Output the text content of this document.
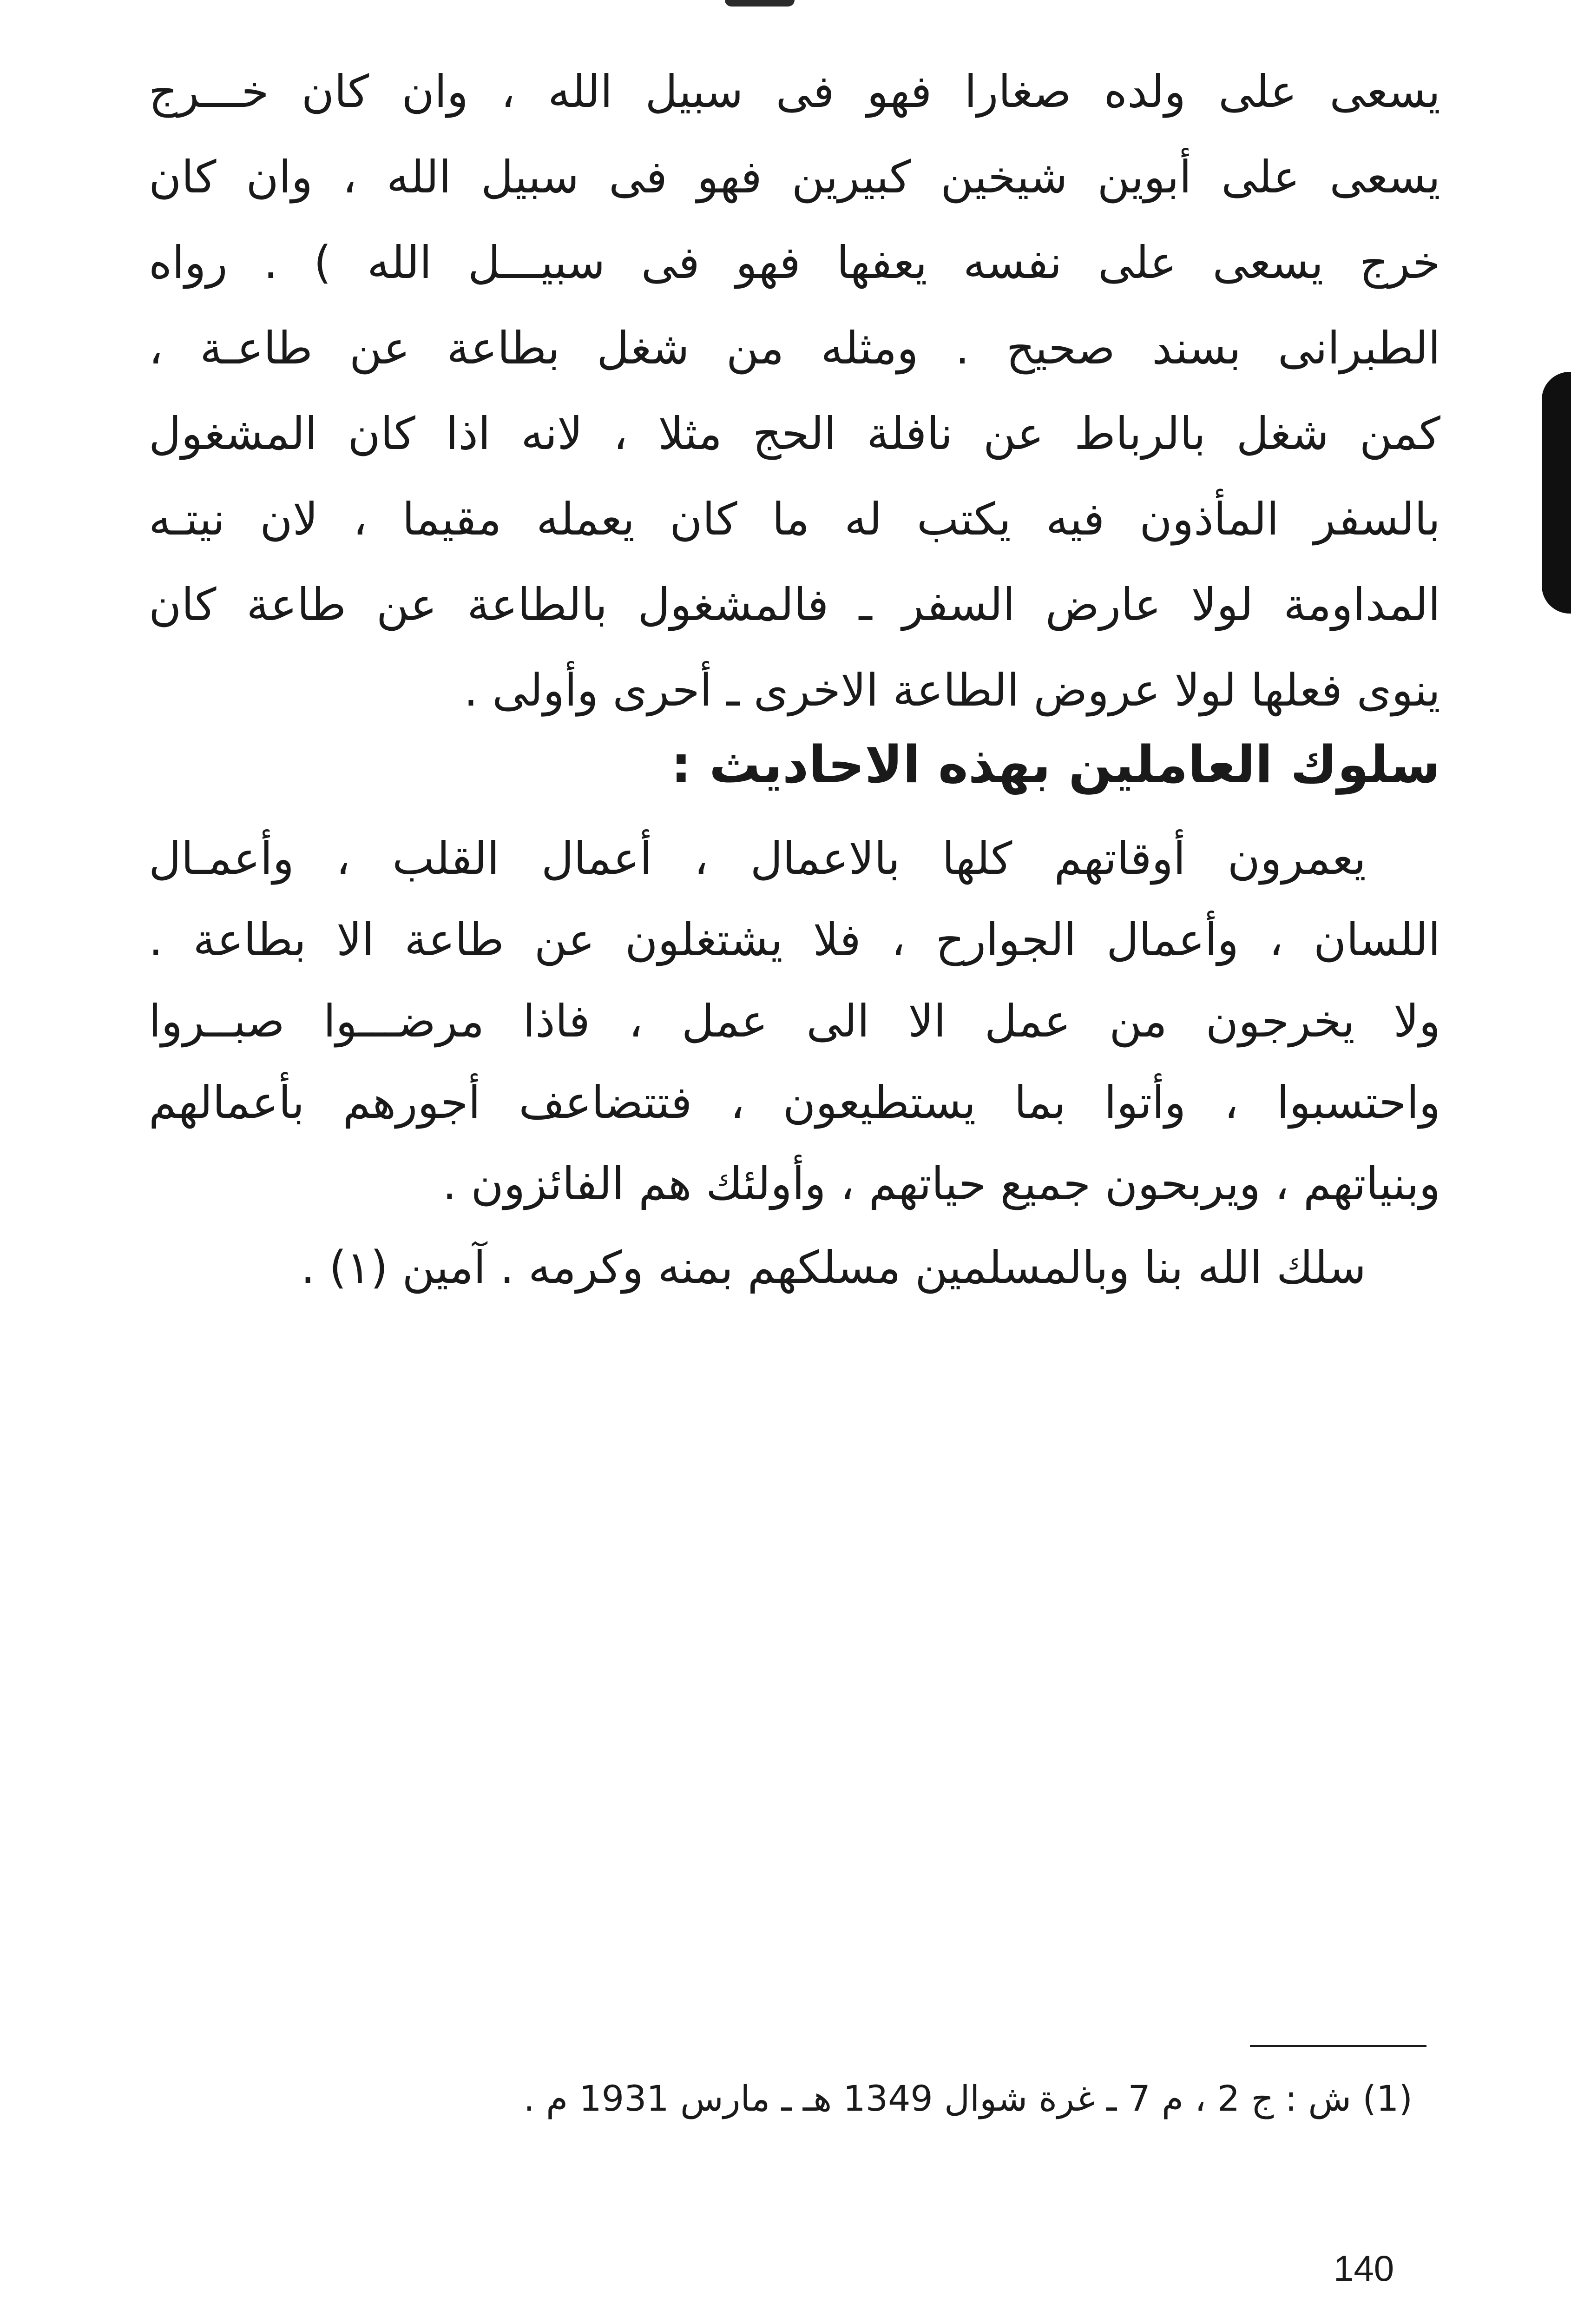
يسعى على ولده صغارا فهو فى سبيل الله ، وان كان خـــرج
يسعى على أبوين شيخين كبيرين فهو فى سبيل الله ، وان كان
خرج يسعى على نفسه يعفها فهو فى سبيـــل الله ) . رواه
الطبرانى بسند صحيح . ومثله من شغل بطاعة عن طاعـة ،
كمن شغل بالرباط عن نافلة الحج مثلا ، لانه اذا كان المشغول
بالسفر المأذون فيه يكتب له ما كان يعمله مقيما ، لان نيتـه
المداومة لولا عارض السفر ـ فالمشغول بالطاعة عن طاعة كان
ينوى فعلها لولا عروض الطاعة الاخرى ـ أحرى وأولى .
سلوك العاملين بهذه الاحاديث :
يعمرون أوقاتهم كلها بالاعمال ، أعمال القلب ، وأعمـال
اللسان ، وأعمال الجوارح ، فلا يشتغلون عن طاعة الا بطاعة .
ولا يخرجون من عمل الا الى عمل ، فاذا مرضـــوا صبــروا
واحتسبوا ، وأتوا بما يستطيعون ، فتتضاعف أجورهم بأعمالهم
وبنياتهم ، ويربحون جميع حياتهم ، وأولئك هم الفائزون .
سلك الله بنا وبالمسلمين مسلكهم بمنه وكرمه . آمين (١) .
(1) ش : ج 2 ، م 7 ـ غرة شوال 1349 هـ ـ مارس 1931 م .
140
